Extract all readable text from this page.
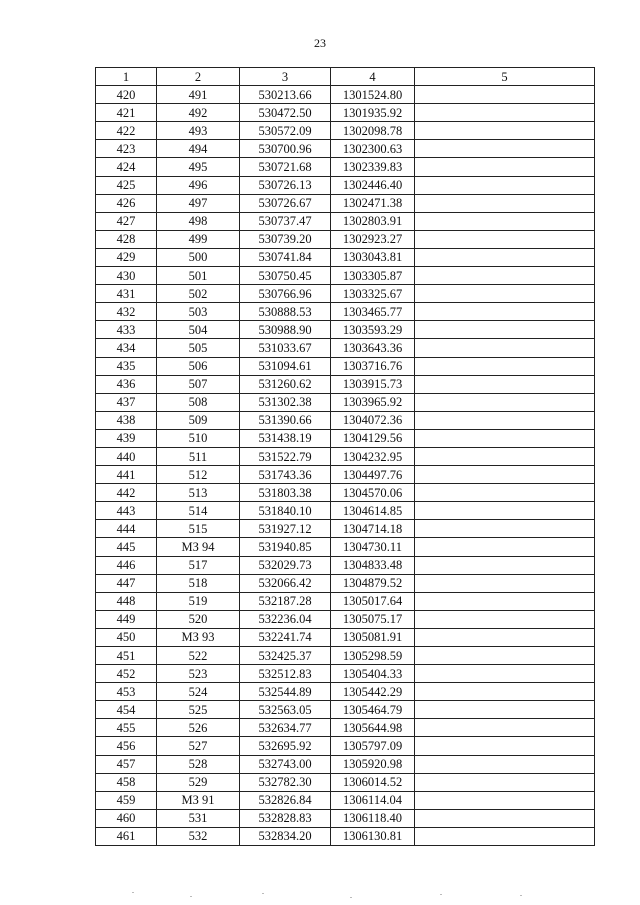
23
1	2	3	4	5
420	491	530213.66	1301524.80	
421	492	530472.50	1301935.92	
422	493	530572.09	1302098.78	
423	494	530700.96	1302300.63	
424	495	530721.68	1302339.83	
425	496	530726.13	1302446.40	
426	497	530726.67	1302471.38	
427	498	530737.47	1302803.91	
428	499	530739.20	1302923.27	
429	500	530741.84	1303043.81	
430	501	530750.45	1303305.87	
431	502	530766.96	1303325.67	
432	503	530888.53	1303465.77	
433	504	530988.90	1303593.29	
434	505	531033.67	1303643.36	
435	506	531094.61	1303716.76	
436	507	531260.62	1303915.73	
437	508	531302.38	1303965.92	
438	509	531390.66	1304072.36	
439	510	531438.19	1304129.56	
440	511	531522.79	1304232.95	
441	512	531743.36	1304497.76	
442	513	531803.38	1304570.06	
443	514	531840.10	1304614.85	
444	515	531927.12	1304714.18	
445	МЗ 94	531940.85	1304730.11	
446	517	532029.73	1304833.48	
447	518	532066.42	1304879.52	
448	519	532187.28	1305017.64	
449	520	532236.04	1305075.17	
450	МЗ 93	532241.74	1305081.91	
451	522	532425.37	1305298.59	
452	523	532512.83	1305404.33	
453	524	532544.89	1305442.29	
454	525	532563.05	1305464.79	
455	526	532634.77	1305644.98	
456	527	532695.92	1305797.09	
457	528	532743.00	1305920.98	
458	529	532782.30	1306014.52	
459	МЗ 91	532826.84	1306114.04	
460	531	532828.83	1306118.40	
461	532	532834.20	1306130.81	
